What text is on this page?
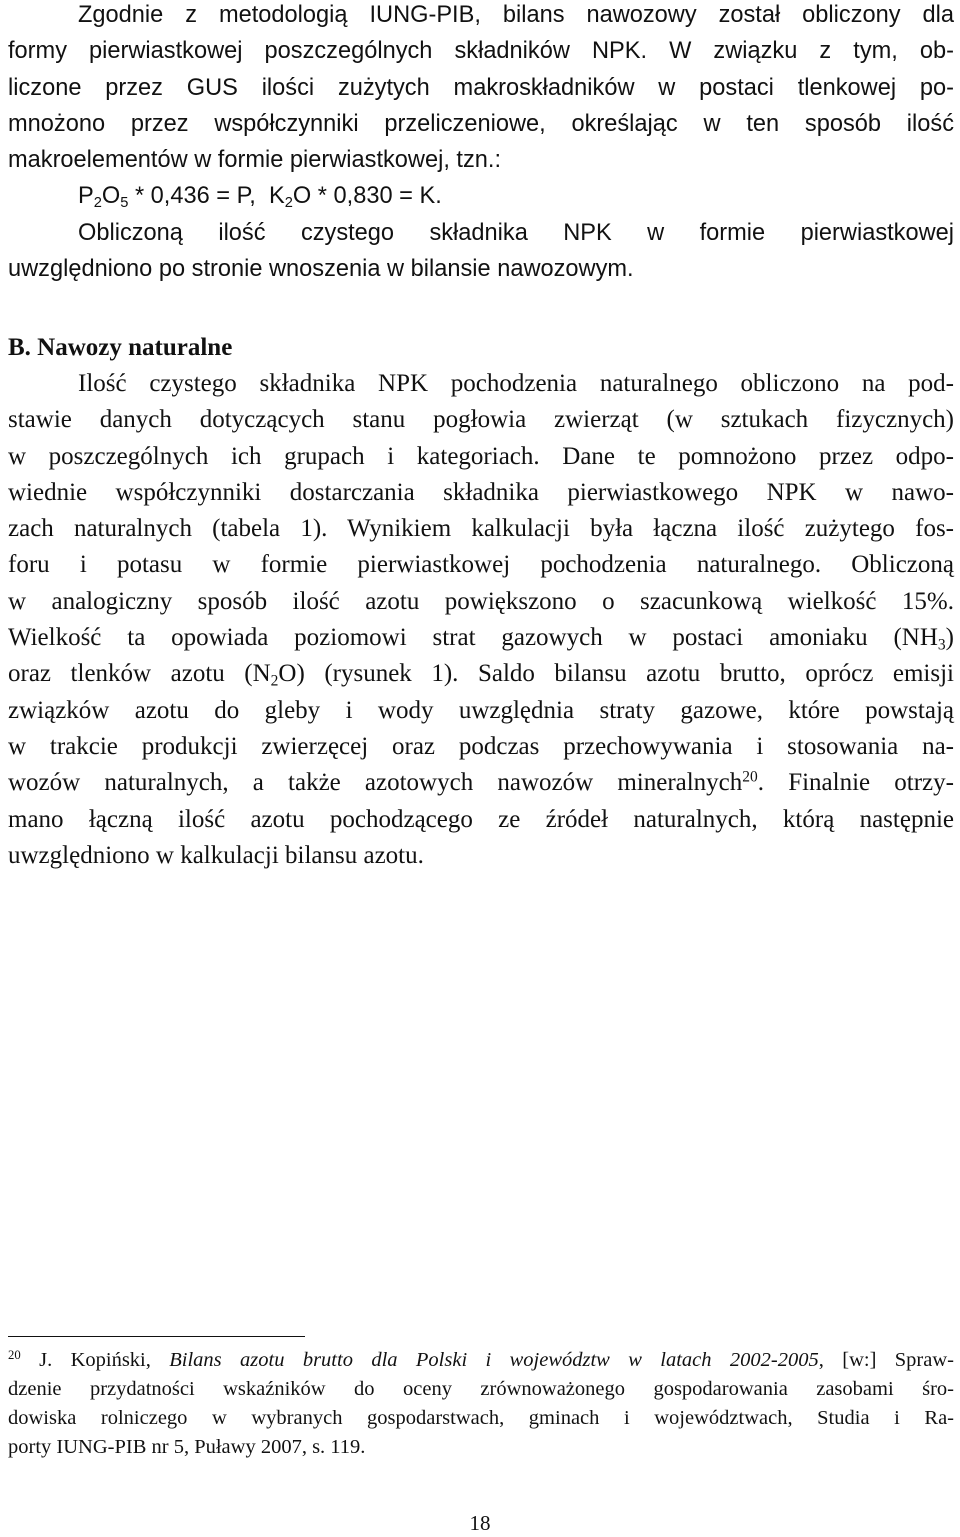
Zgodnie z metodologią IUNG-PIB, bilans nawozowy został obliczony dla
formy pierwiastkowej poszczególnych składników NPK. W związku z tym, ob-
liczone przez GUS ilości zużytych makroskładników w postaci tlenkowej po-
mnożono przez współczynniki przeliczeniowe, określając w ten sposób ilość
makroelementów w formie pierwiastkowej, tzn.:
$P_2O_5 * 0,436 = P$, $K_2O * 0,830 = K$.
Obliczoną ilość czystego składnika NPK w formie pierwiastkowej
uwzględniono po stronie wnoszenia w bilansie nawozowym.
B. Nawozy naturalne
Ilość czystego składnika NPK pochodzenia naturalnego obliczono na pod-
stawie danych dotyczących stanu pogłowia zwierząt (w sztukach fizycznych)
w poszczególnych ich grupach i kategoriach. Dane te pomnożono przez odpo-
wiednie współczynniki dostarczania składnika pierwiastkowego NPK w nawo-
zach naturalnych (tabela 1). Wynikiem kalkulacji była łączna ilość zużytego fos-
foru i potasu w formie pierwiastkowej pochodzenia naturalnego. Obliczoną
w analogiczny sposób ilość azotu powiększono o szacunkową wielkość 15%.
Wielkość ta opowiada poziomowi strat gazowych w postaci amoniaku $(NH_3)$
oraz tlenków azotu $(N_2O)$ (rysunek 1). Saldo bilansu azotu brutto, oprócz emisji
związków azotu do gleby i wody uwzględnia straty gazowe, które powstają
w trakcie produkcji zwierzęcej oraz podczas przechowywania i stosowania na-
wozów naturalnych, a także azotowych nawozów mineralnych$^{20}$. Finalnie otrzy-
mano łączną ilość azotu pochodzącego ze źródeł naturalnych, którą następnie
uwzględniono w kalkulacji bilansu azotu.
$^{20}$ J. Kopiński, Bilans azotu brutto dla Polski i województw w latach 2002-2005, [w:] Spraw-
dzenie przydatności wskaźników do oceny zrównoważonego gospodarowania zasobami śro-
dowiska rolniczego w wybranych gospodarstwach, gminach i województwach, Studia i Ra-
porty IUNG-PIB nr 5, Puławy 2007, s. 119.
18
